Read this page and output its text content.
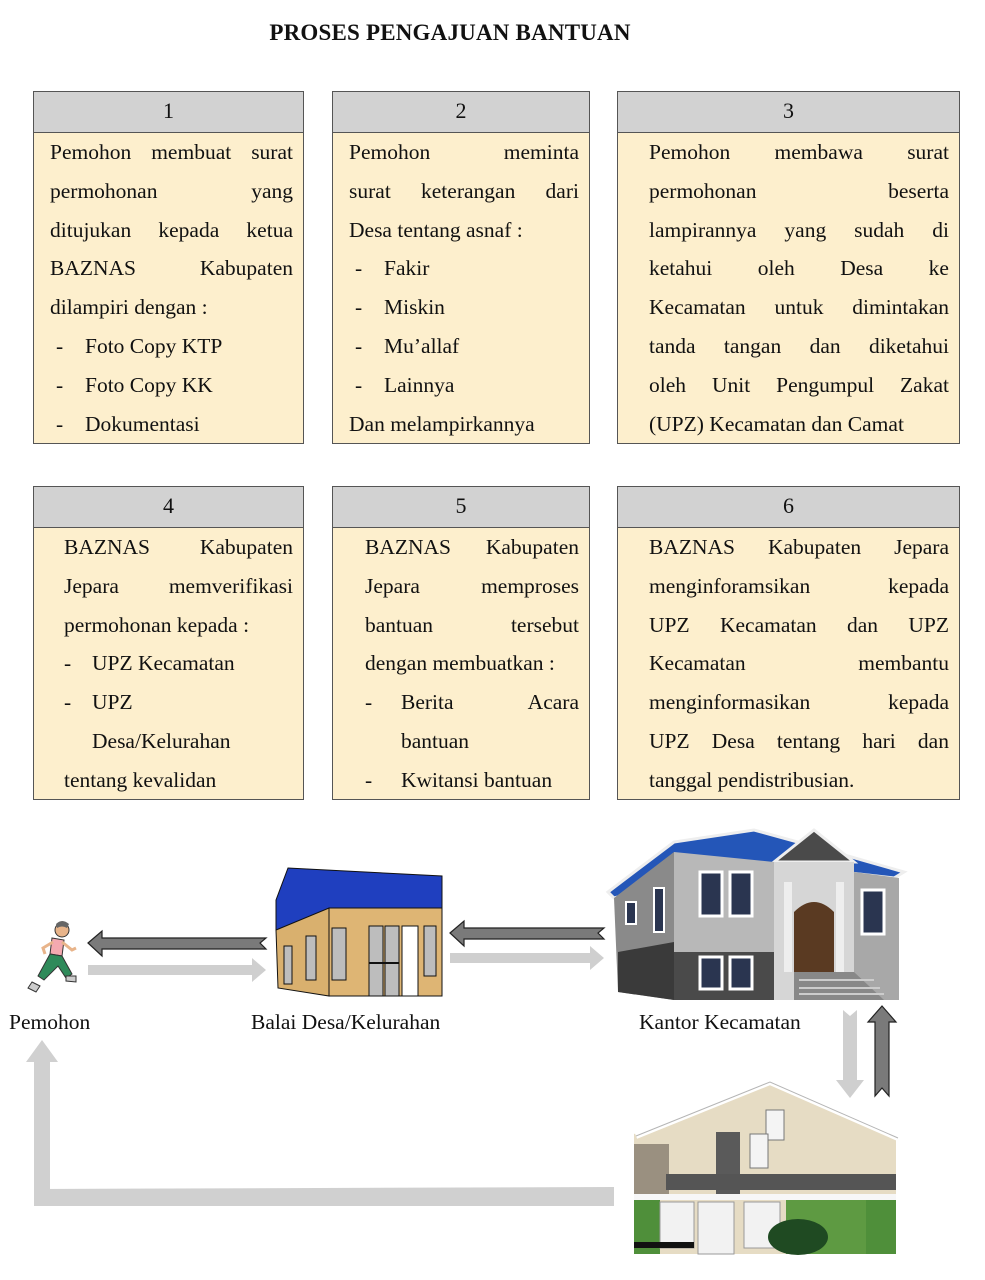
PROSES PENGAJUAN BANTUAN
1
Pemohon membuat surat
permohonan	yang
ditujukan kepada ketua
BAZNAS	Kabupaten
dilampiri dengan :
-	Foto Copy KTP
-	Foto Copy KK
-	Dokumentasi
2
Pemohon	meminta
surat keterangan dari
Desa tentang asnaf :
-	Fakir
-	Miskin
-	Mu’allaf
-	Lainnya
Dan melampirkannya
3
Pemohon membawa surat
permohonan	beserta
lampirannya yang sudah di
ketahui oleh Desa ke
Kecamatan untuk dimintakan
tanda tangan dan diketahui
oleh Unit Pengumpul Zakat
(UPZ) Kecamatan dan Camat
4
BAZNAS Kabupaten
Jepara memverifikasi
permohonan kepada :
- UPZ Kecamatan
- UPZ
Desa/Kelurahan
tentang kevalidan
5
BAZNAS Kabupaten
Jepara	memproses
bantuan	tersebut
dengan membuatkan :
-	Berita	Acara
bantuan
-	Kwitansi bantuan
6
BAZNAS Kabupaten Jepara
menginforamsikan	kepada
UPZ Kecamatan dan UPZ
Kecamatan	membantu
menginformasikan	kepada
UPZ Desa tentang hari dan
tanggal pendistribusian.
Pemohon	Balai Desa/Kelurahan	Kantor Kecamatan
